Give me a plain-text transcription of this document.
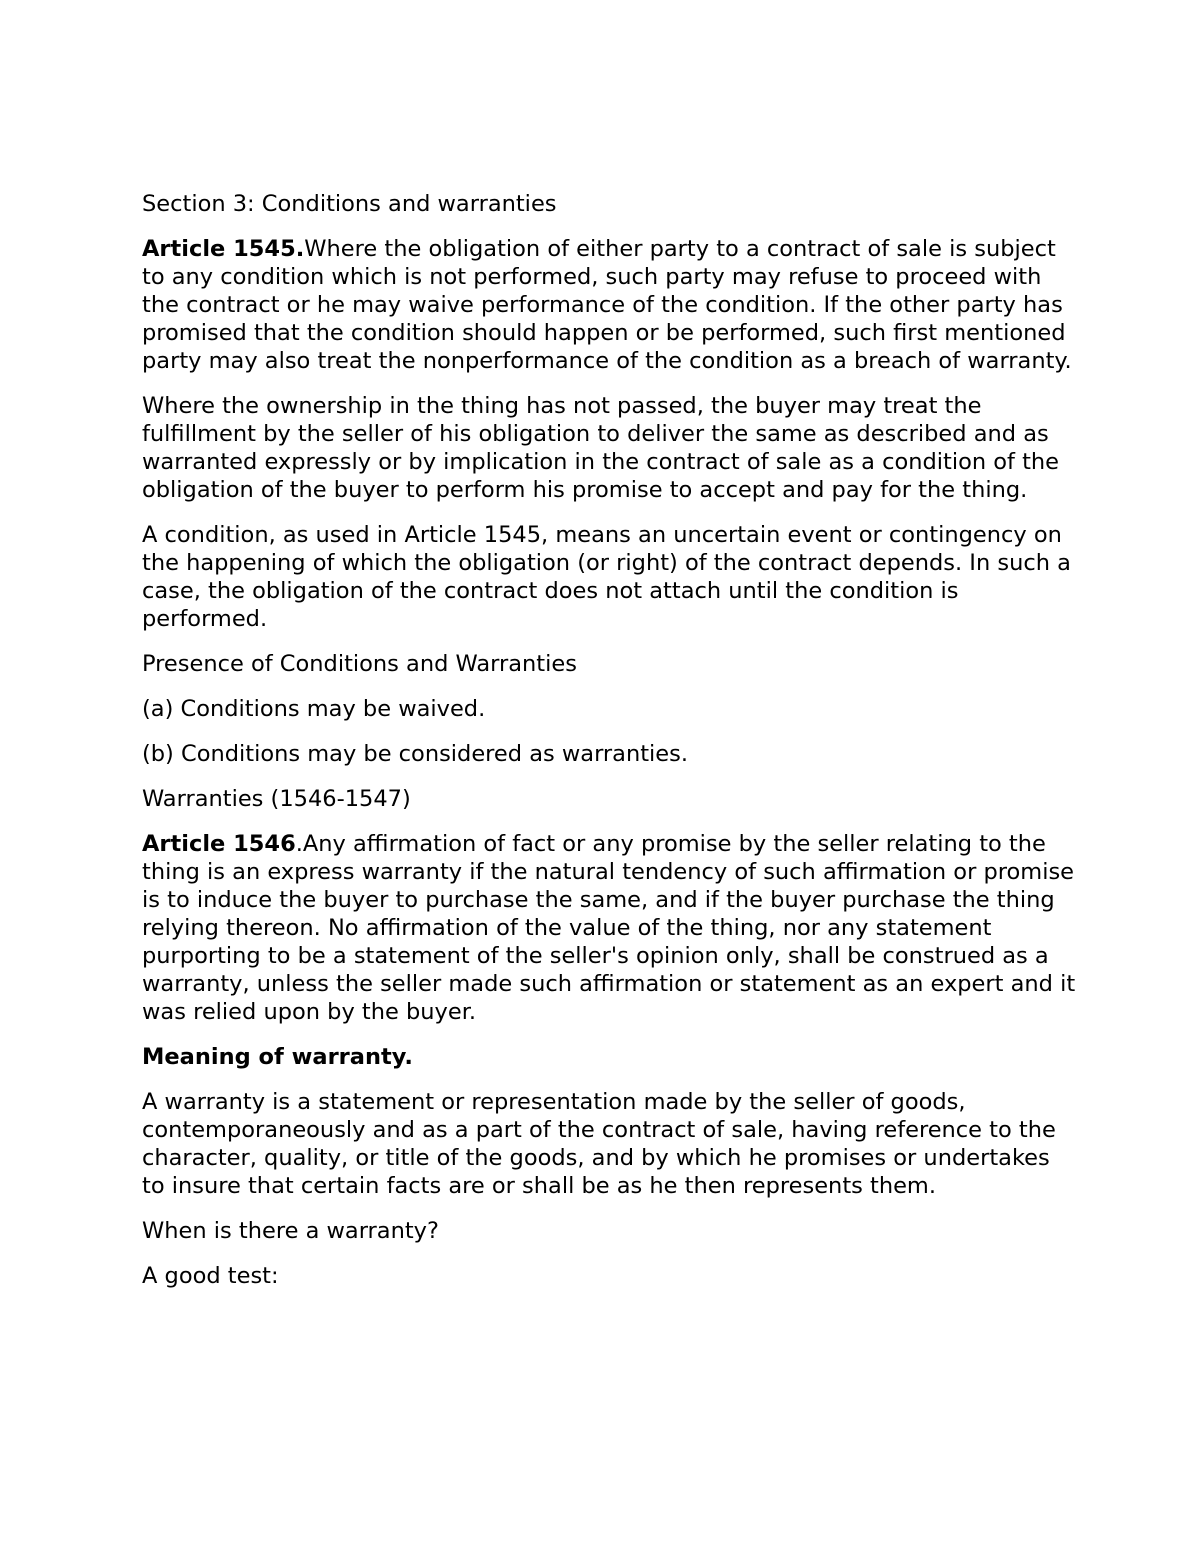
Section 3: Conditions and warranties

Article 1545.Where the obligation of either party to a contract of sale is subject to any condition which is not performed, such party may refuse to proceed with the contract or he may waive performance of the condition. If the other party has promised that the condition should happen or be performed, such first mentioned party may also treat the nonperformance of the condition as a breach of warranty.

Where the ownership in the thing has not passed, the buyer may treat the fulfillment by the seller of his obligation to deliver the same as described and as warranted expressly or by implication in the contract of sale as a condition of the obligation of the buyer to perform his promise to accept and pay for the thing.

A condition, as used in Article 1545, means an uncertain event or contingency on the happening of which the obligation (or right) of the contract depends. In such a case, the obligation of the contract does not attach until the condition is performed.

Presence of Conditions and Warranties

(a) Conditions may be waived.

(b) Conditions may be considered as warranties.

Warranties (1546-1547)

Article 1546.Any affirmation of fact or any promise by the seller relating to the thing is an express warranty if the natural tendency of such affirmation or promise is to induce the buyer to purchase the same, and if the buyer purchase the thing relying thereon. No affirmation of the value of the thing, nor any statement purporting to be a statement of the seller's opinion only, shall be construed as a warranty, unless the seller made such affirmation or statement as an expert and it was relied upon by the buyer.

Meaning of warranty.

A warranty is a statement or representation made by the seller of goods, contemporaneously and as a part of the contract of sale, having reference to the character, quality, or title of the goods, and by which he promises or undertakes to insure that certain facts are or shall be as he then represents them.

When is there a warranty?

A good test:
